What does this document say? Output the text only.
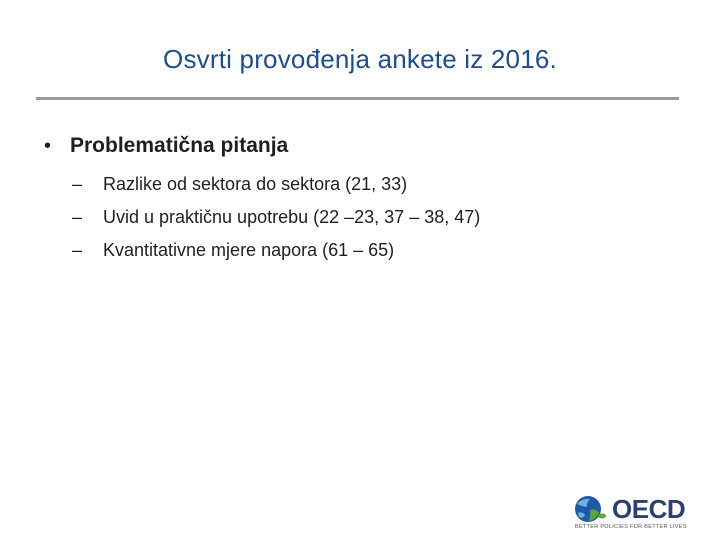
Osvrti provođenja ankete iz 2016.
• Problematična pitanja
–	Razlike od sektora do sektora (21, 33)
–	Uvid u praktičnu upotrebu (22 –23, 37 – 38, 47)
–	Kvantitativne mjere napora (61 – 65)
OECD
BETTER POLICIES FOR BETTER LIVES
